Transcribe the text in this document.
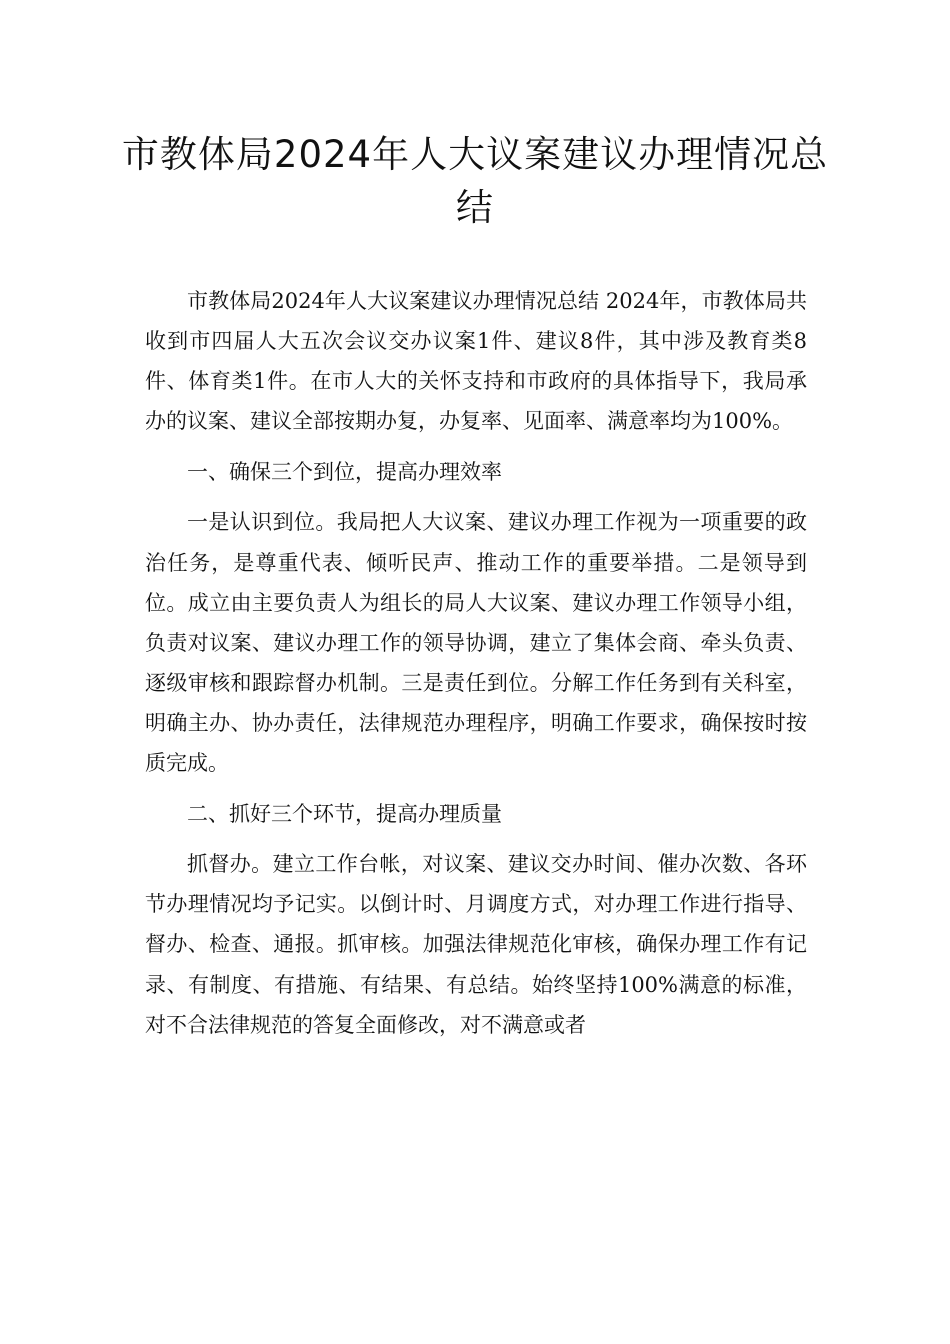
市教体局2024年人大议案建议办理情况总结

市教体局2024年人大议案建议办理情况总结 2024年，市教体局共收到市四届人大五次会议交办议案1件、建议8件，其中涉及教育类8件、体育类1件。在市人大的关怀支持和市政府的具体指导下，我局承办的议案、建议全部按期办复，办复率、见面率、满意率均为100%。

一、确保三个到位，提高办理效率

一是认识到位。我局把人大议案、建议办理工作视为一项重要的政治任务，是尊重代表、倾听民声、推动工作的重要举措。二是领导到位。成立由主要负责人为组长的局人大议案、建议办理工作领导小组，负责对议案、建议办理工作的领导协调，建立了集体会商、牵头负责、逐级审核和跟踪督办机制。三是责任到位。分解工作任务到有关科室，明确主办、协办责任，法律规范办理程序，明确工作要求，确保按时按质完成。

二、抓好三个环节，提高办理质量

抓督办。建立工作台帐，对议案、建议交办时间、催办次数、各环节办理情况均予记实。以倒计时、月调度方式，对办理工作进行指导、督办、检查、通报。抓审核。加强法律规范化审核，确保办理工作有记录、有制度、有措施、有结果、有总结。始终坚持100%满意的标准，对不合法律规范的答复全面修改，对不满意或者
